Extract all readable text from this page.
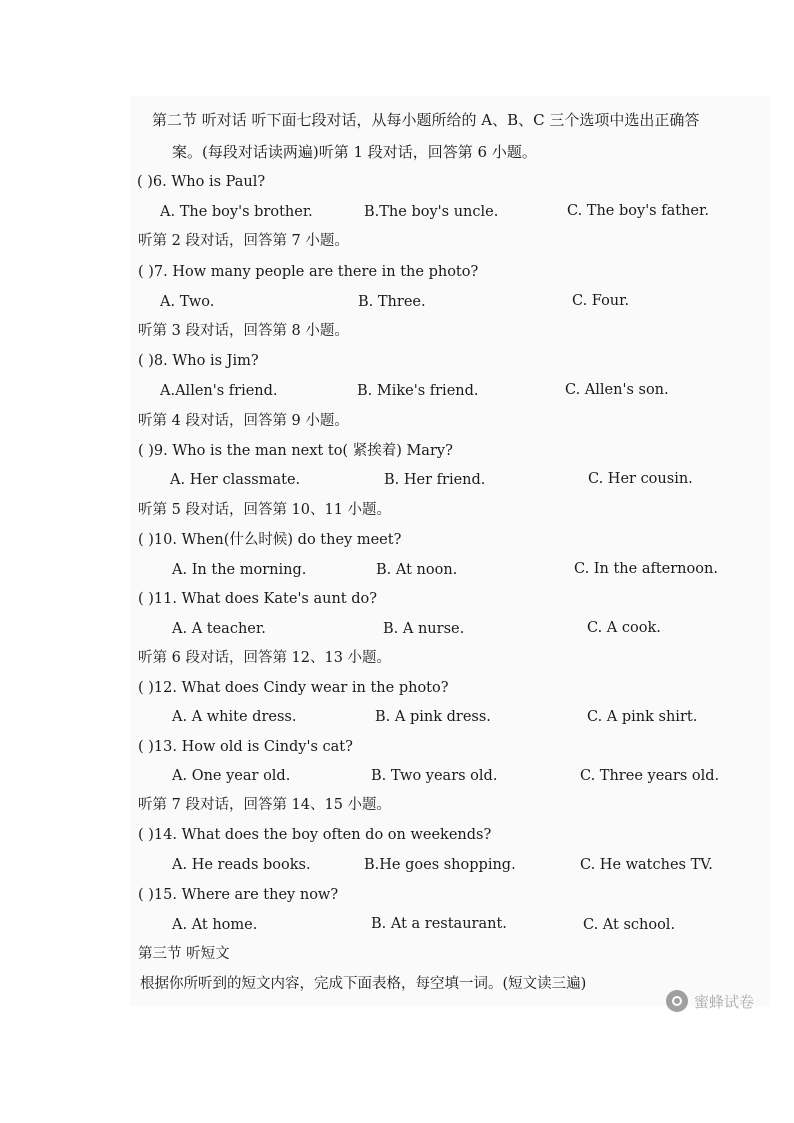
第二节 听对话 听下面七段对话，从每小题所给的 A、B、C 三个选项中选出正确答
案。(每段对话读两遍)听第 1 段对话，回答第 6 小题。
( )6. Who is Paul?
A. The boy's brother.	B.The boy's uncle.	C. The boy's father.
听第 2 段对话，回答第 7 小题。
( )7. How many people are there in the photo?
A. Two.	B. Three.	C. Four.
听第 3 段对话，回答第 8 小题。
( )8. Who is Jim?
A.Allen's friend.	B. Mike's friend.	C. Allen's son.
听第 4 段对话，回答第 9 小题。
( )9. Who is the man next to( 紧挨着) Mary?
A. Her classmate.	B. Her friend.	C. Her cousin.
听第 5 段对话，回答第 10、11 小题。
( )10. When(什么时候) do they meet?
A. In the morning.	B. At noon.	C. In the afternoon.
( )11. What does Kate's aunt do?
A. A teacher.	B. A nurse.	C. A cook.
听第 6 段对话，回答第 12、13 小题。
( )12. What does Cindy wear in the photo?
A. A white dress.	B. A pink dress.	C. A pink shirt.
( )13. How old is Cindy's cat?
A. One year old.	B. Two years old.	C. Three years old.
听第 7 段对话，回答第 14、15 小题。
( )14. What does the boy often do on weekends?
A. He reads books.	B.He goes shopping.	C. He watches TV.
( )15. Where are they now?
A. At home.	B. At a restaurant.	C. At school.
第三节 听短文
根据你所听到的短文内容，完成下面表格，每空填一词。(短文读三遍)
蜜蜂试卷
